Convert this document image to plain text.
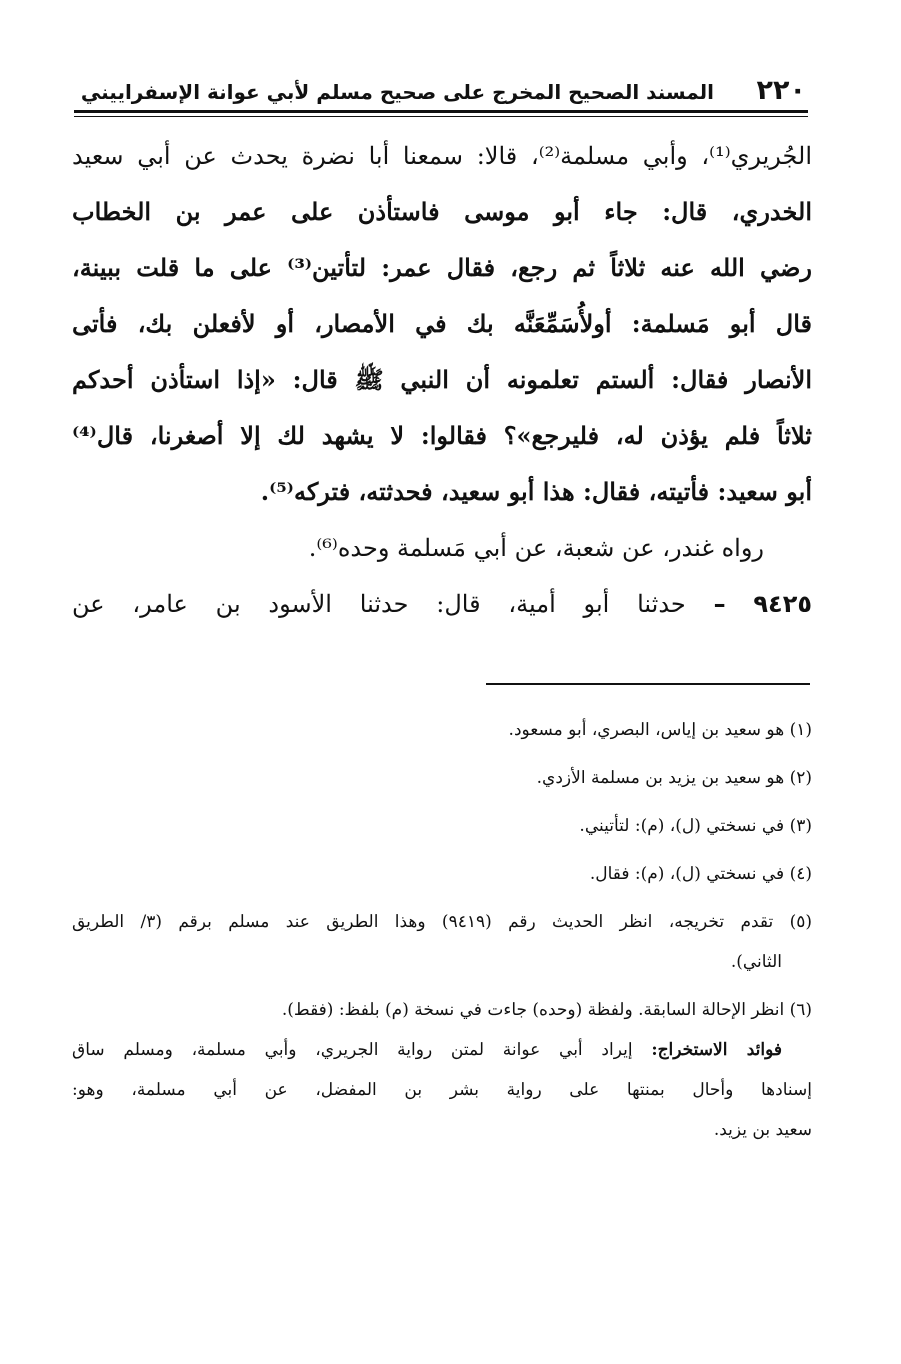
٢٢٠
المسند الصحيح المخرج على صحيح مسلم لأبي عوانة الإسفراييني
الجُريري⁽¹⁾، وأبي مسلمة⁽²⁾، قالا: سمعنا أبا نضرة يحدث عن أبي سعيد
الخدري، قال: جاء أبو موسى فاستأذن على عمر بن الخطاب
رضي الله عنه ثلاثاً ثم رجع، فقال عمر: لتأتين⁽³⁾ على ما قلت ببينة،
قال أبو مَسلمة: أولأُسَمِّعَنَّه بك في الأمصار، أو لأفعلن بك، فأتى
الأنصار فقال: ألستم تعلمونه أن النبي ﷺ قال: «إذا استأذن أحدكم
ثلاثاً فلم يؤذن له، فليرجع»؟ فقالوا: لا يشهد لك إلا أصغرنا، قال⁽⁴⁾
أبو سعيد: فأتيته، فقال: هذا أبو سعيد، فحدثته، فتركه⁽⁵⁾.
رواه غندر، عن شعبة، عن أبي مَسلمة وحده⁽⁶⁾.
٩٤٢٥ – حدثنا أبو أمية، قال: حدثنا الأسود بن عامر، عن
(١) هو سعيد بن إياس، البصري، أبو مسعود.
(٢) هو سعيد بن يزيد بن مسلمة الأزدي.
(٣) في نسختي (ل)، (م): لتأتيني.
(٤) في نسختي (ل)، (م): فقال.
(٥) تقدم تخريجه، انظر الحديث رقم (٩٤١٩) وهذا الطريق عند مسلم برقم (٣/ الطريق
الثاني).
(٦) انظر الإحالة السابقة. ولفظة (وحده) جاءت في نسخة (م) بلفظ: (فقط).
فوائد الاستخراج: إيراد أبي عوانة لمتن رواية الجريري، وأبي مسلمة، ومسلم ساق
إسنادها وأحال بمنتها على رواية بشر بن المفضل، عن أبي مسلمة، وهو:
سعيد بن يزيد.
